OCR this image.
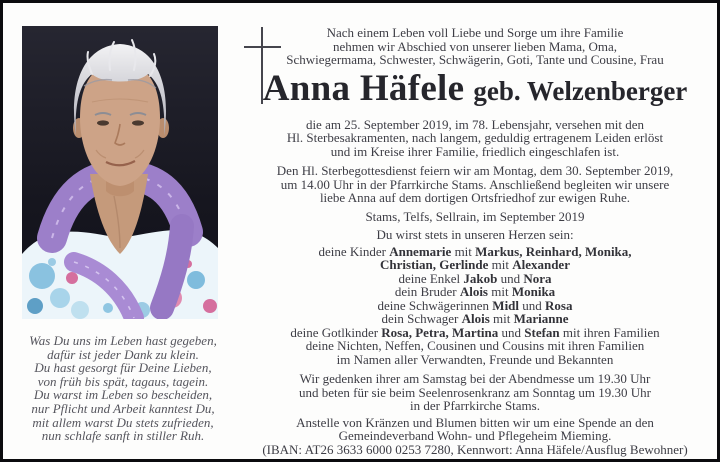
Was Du uns im Leben hast gegeben,
dafür ist jeder Dank zu klein.
Du hast gesorgt für Deine Lieben,
von früh bis spät, tagaus, tagein.
Du warst im Leben so bescheiden,
nur Pflicht und Arbeit kanntest Du,
mit allem warst Du stets zufrieden,
nun schlafe sanft in stiller Ruh.
Nach einem Leben voll Liebe und Sorge um ihre Familie
nehmen wir Abschied von unserer lieben Mama, Oma,
Schwiegermama, Schwester, Schwägerin, Goti, Tante und Cousine, Frau
Anna Häfele geb. Welzenberger
die am 25. September 2019, im 78. Lebensjahr, versehen mit den
Hl. Sterbesakramenten, nach langem, geduldig ertragenem Leiden erlöst
und im Kreise ihrer Familie, friedlich eingeschlafen ist.
Den Hl. Sterbegottesdienst feiern wir am Montag, dem 30. September 2019,
um 14.00 Uhr in der Pfarrkirche Stams. Anschließend begleiten wir unsere
liebe Anna auf dem dortigen Ortsfriedhof zur ewigen Ruhe.
Stams, Telfs, Sellrain, im September 2019
Du wirst stets in unseren Herzen sein:
deine Kinder Annemarie mit Markus, Reinhard, Monika,
Christian, Gerlinde mit Alexander
deine Enkel Jakob und Nora
dein Bruder Alois mit Monika
deine Schwägerinnen Midl und Rosa
dein Schwager Alois mit Marianne
deine Gotlkinder Rosa, Petra, Martina und Stefan mit ihren Familien
deine Nichten, Neffen, Cousinen und Cousins mit ihren Familien
im Namen aller Verwandten, Freunde und Bekannten
Wir gedenken ihrer am Samstag bei der Abendmesse um 19.30 Uhr
und beten für sie beim Seelenrosenkranz am Sonntag um 19.30 Uhr
in der Pfarrkirche Stams.
Anstelle von Kränzen und Blumen bitten wir um eine Spende an den
Gemeindeverband Wohn- und Pflegeheim Mieming.
(IBAN: AT26 3633 6000 0253 7280, Kennwort: Anna Häfele/Ausflug Bewohner)
